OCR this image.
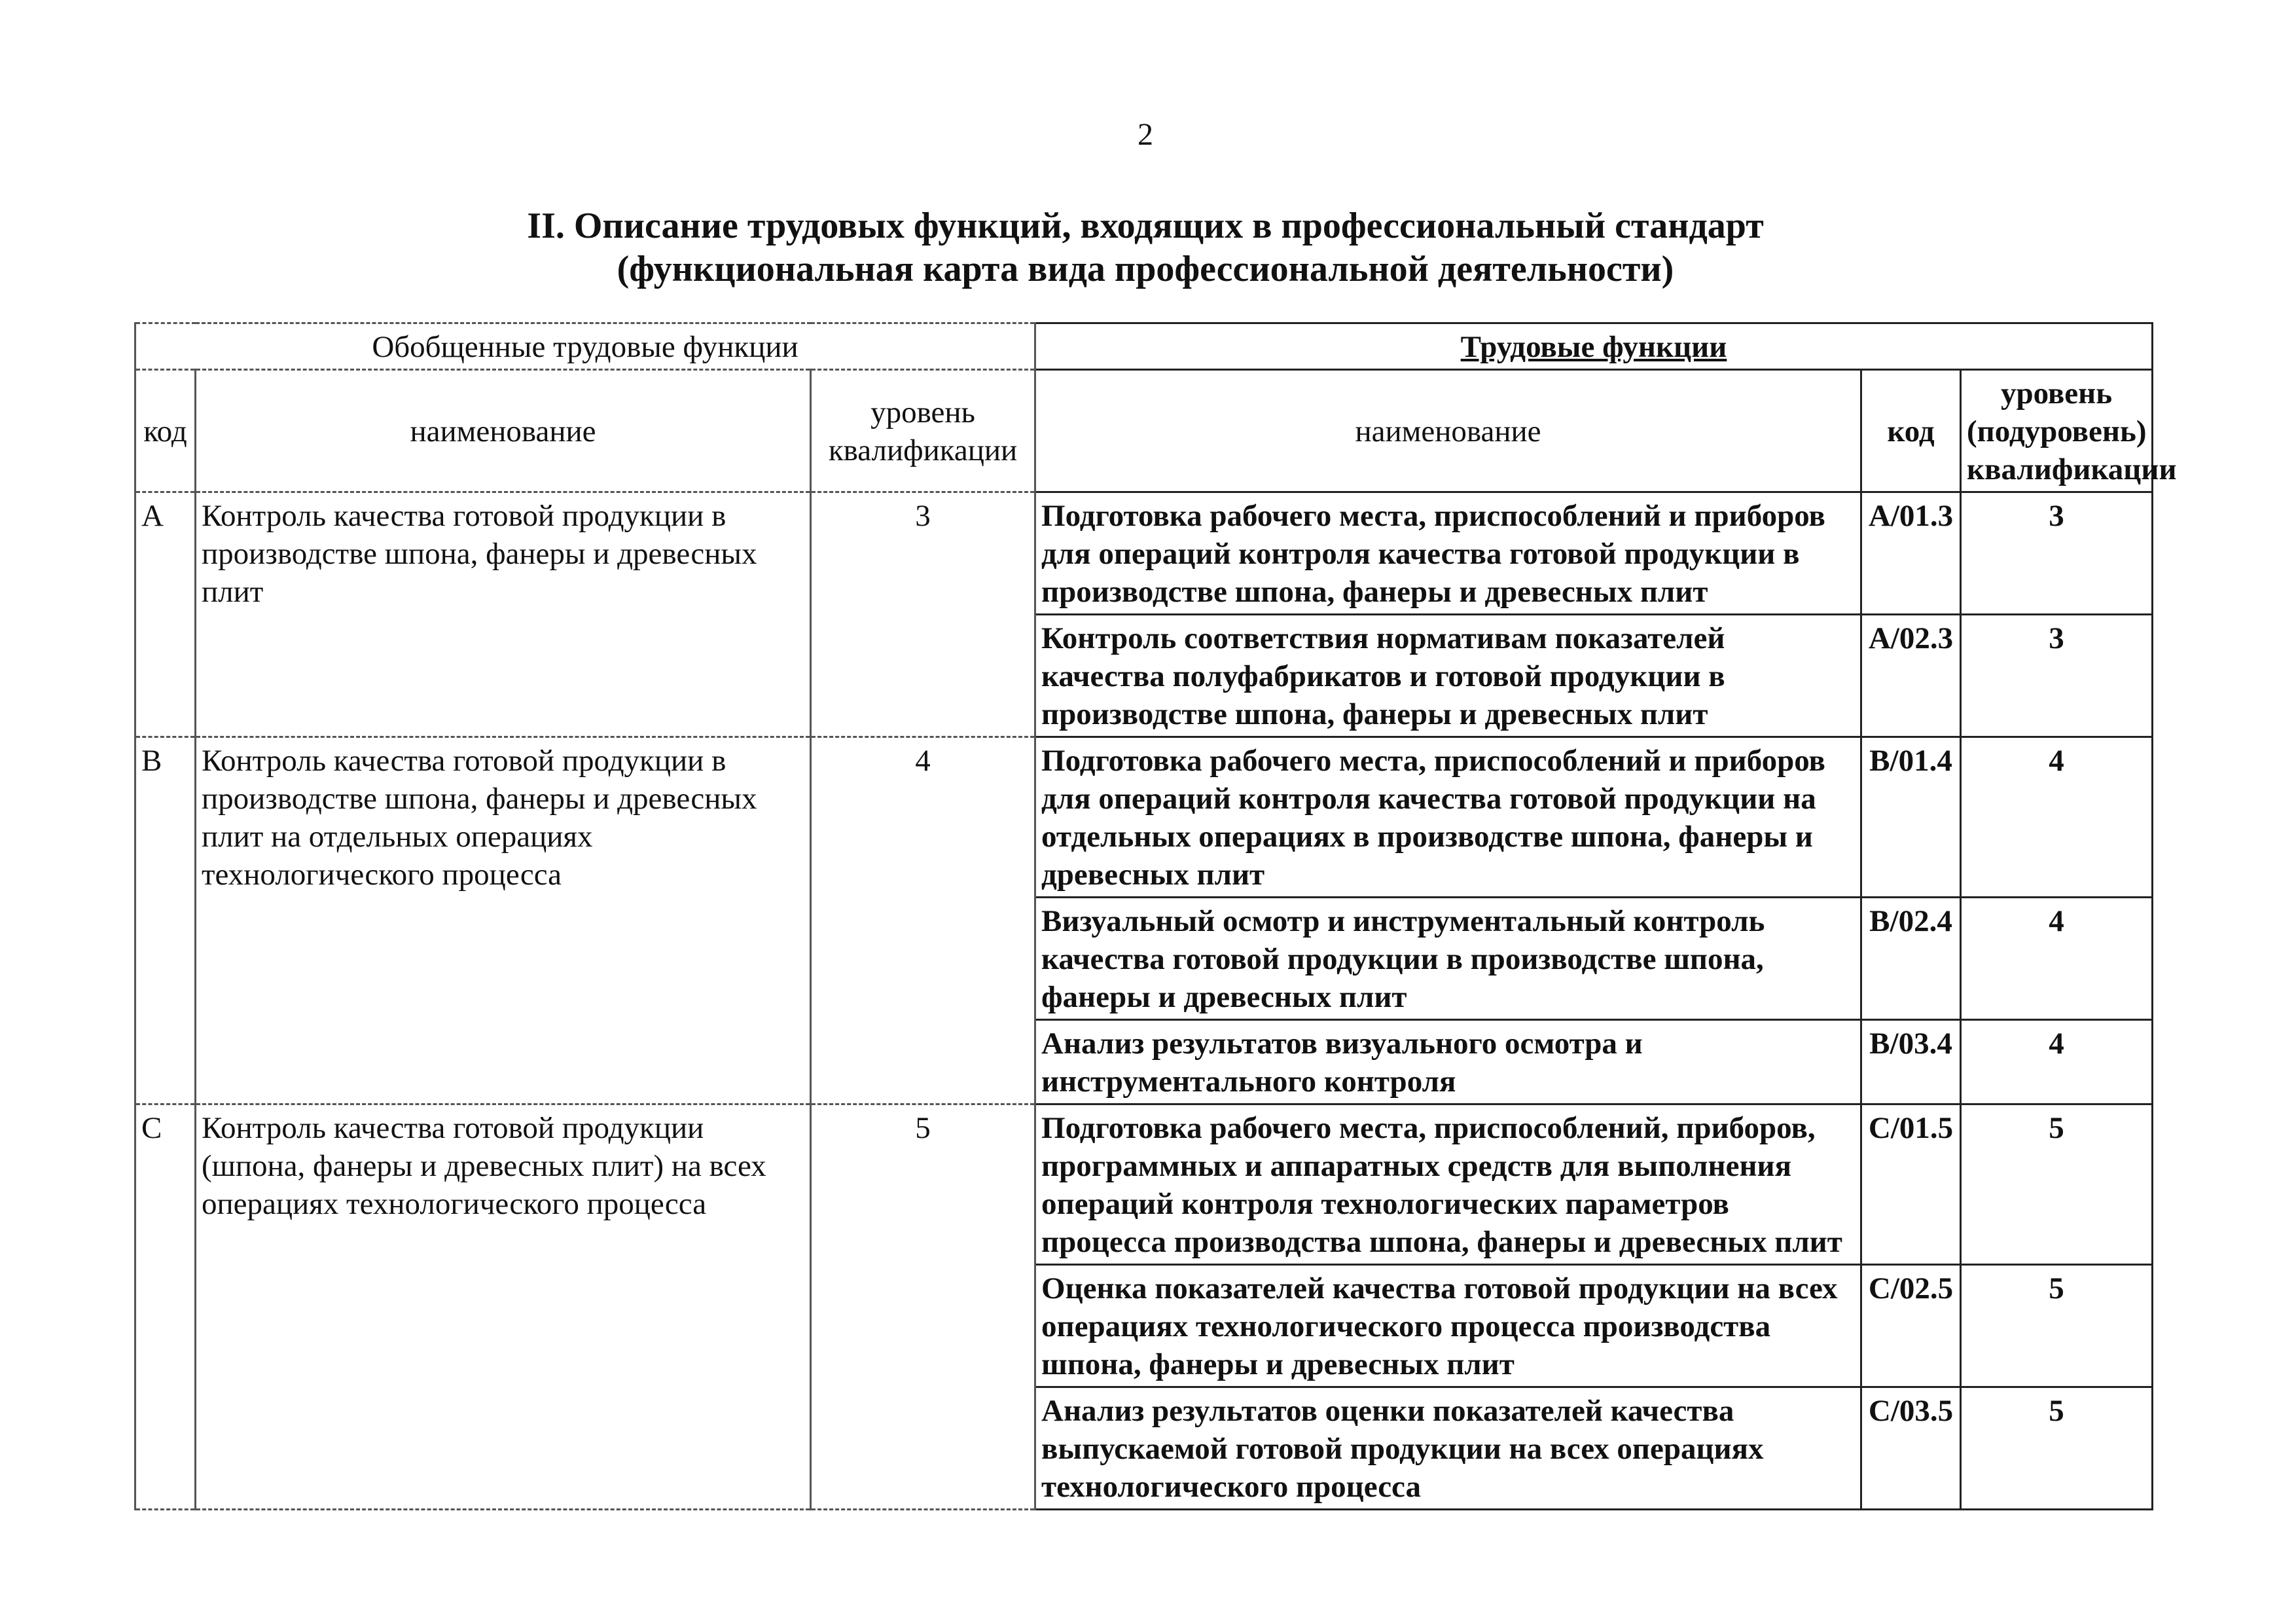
2
II. Описание трудовых функций, входящих в профессиональный стандарт
(функциональная карта вида профессиональной деятельности)
Обобщенные трудовые функции			Трудовые функции		
код	наименование	уровень квалификации	наименование	код	уровень (подуровень) квалификации
A	Контроль качества готовой продукции в производстве шпона, фанеры и древесных плит	3	Подготовка рабочего места, приспособлений и приборов для операций контроля качества готовой продукции в производстве шпона, фанеры и древесных плит	A/01.3	3
			Контроль соответствия нормативам показателей качества полуфабрикатов и готовой продукции в производстве шпона, фанеры и древесных плит	A/02.3	3
B	Контроль качества готовой продукции в производстве шпона, фанеры и древесных плит на отдельных операциях технологического процесса	4	Подготовка рабочего места, приспособлений и приборов для операций контроля качества готовой продукции на отдельных операциях в производстве шпона, фанеры и древесных плит	B/01.4	4
			Визуальный осмотр и инструментальный контроль качества готовой продукции в производстве шпона, фанеры и древесных плит	B/02.4	4
			Анализ результатов визуального осмотра и инструментального контроля	B/03.4	4
C	Контроль качества готовой продукции (шпона, фанеры и древесных плит) на всех операциях технологического процесса	5	Подготовка рабочего места, приспособлений, приборов, программных и аппаратных средств для выполнения операций контроля технологических параметров процесса производства шпона, фанеры и древесных плит	C/01.5	5
			Оценка показателей качества готовой продукции на всех операциях технологического процесса производства шпона, фанеры и древесных плит	C/02.5	5
			Анализ результатов оценки показателей качества выпускаемой готовой продукции на всех операциях технологического процесса	C/03.5	5
